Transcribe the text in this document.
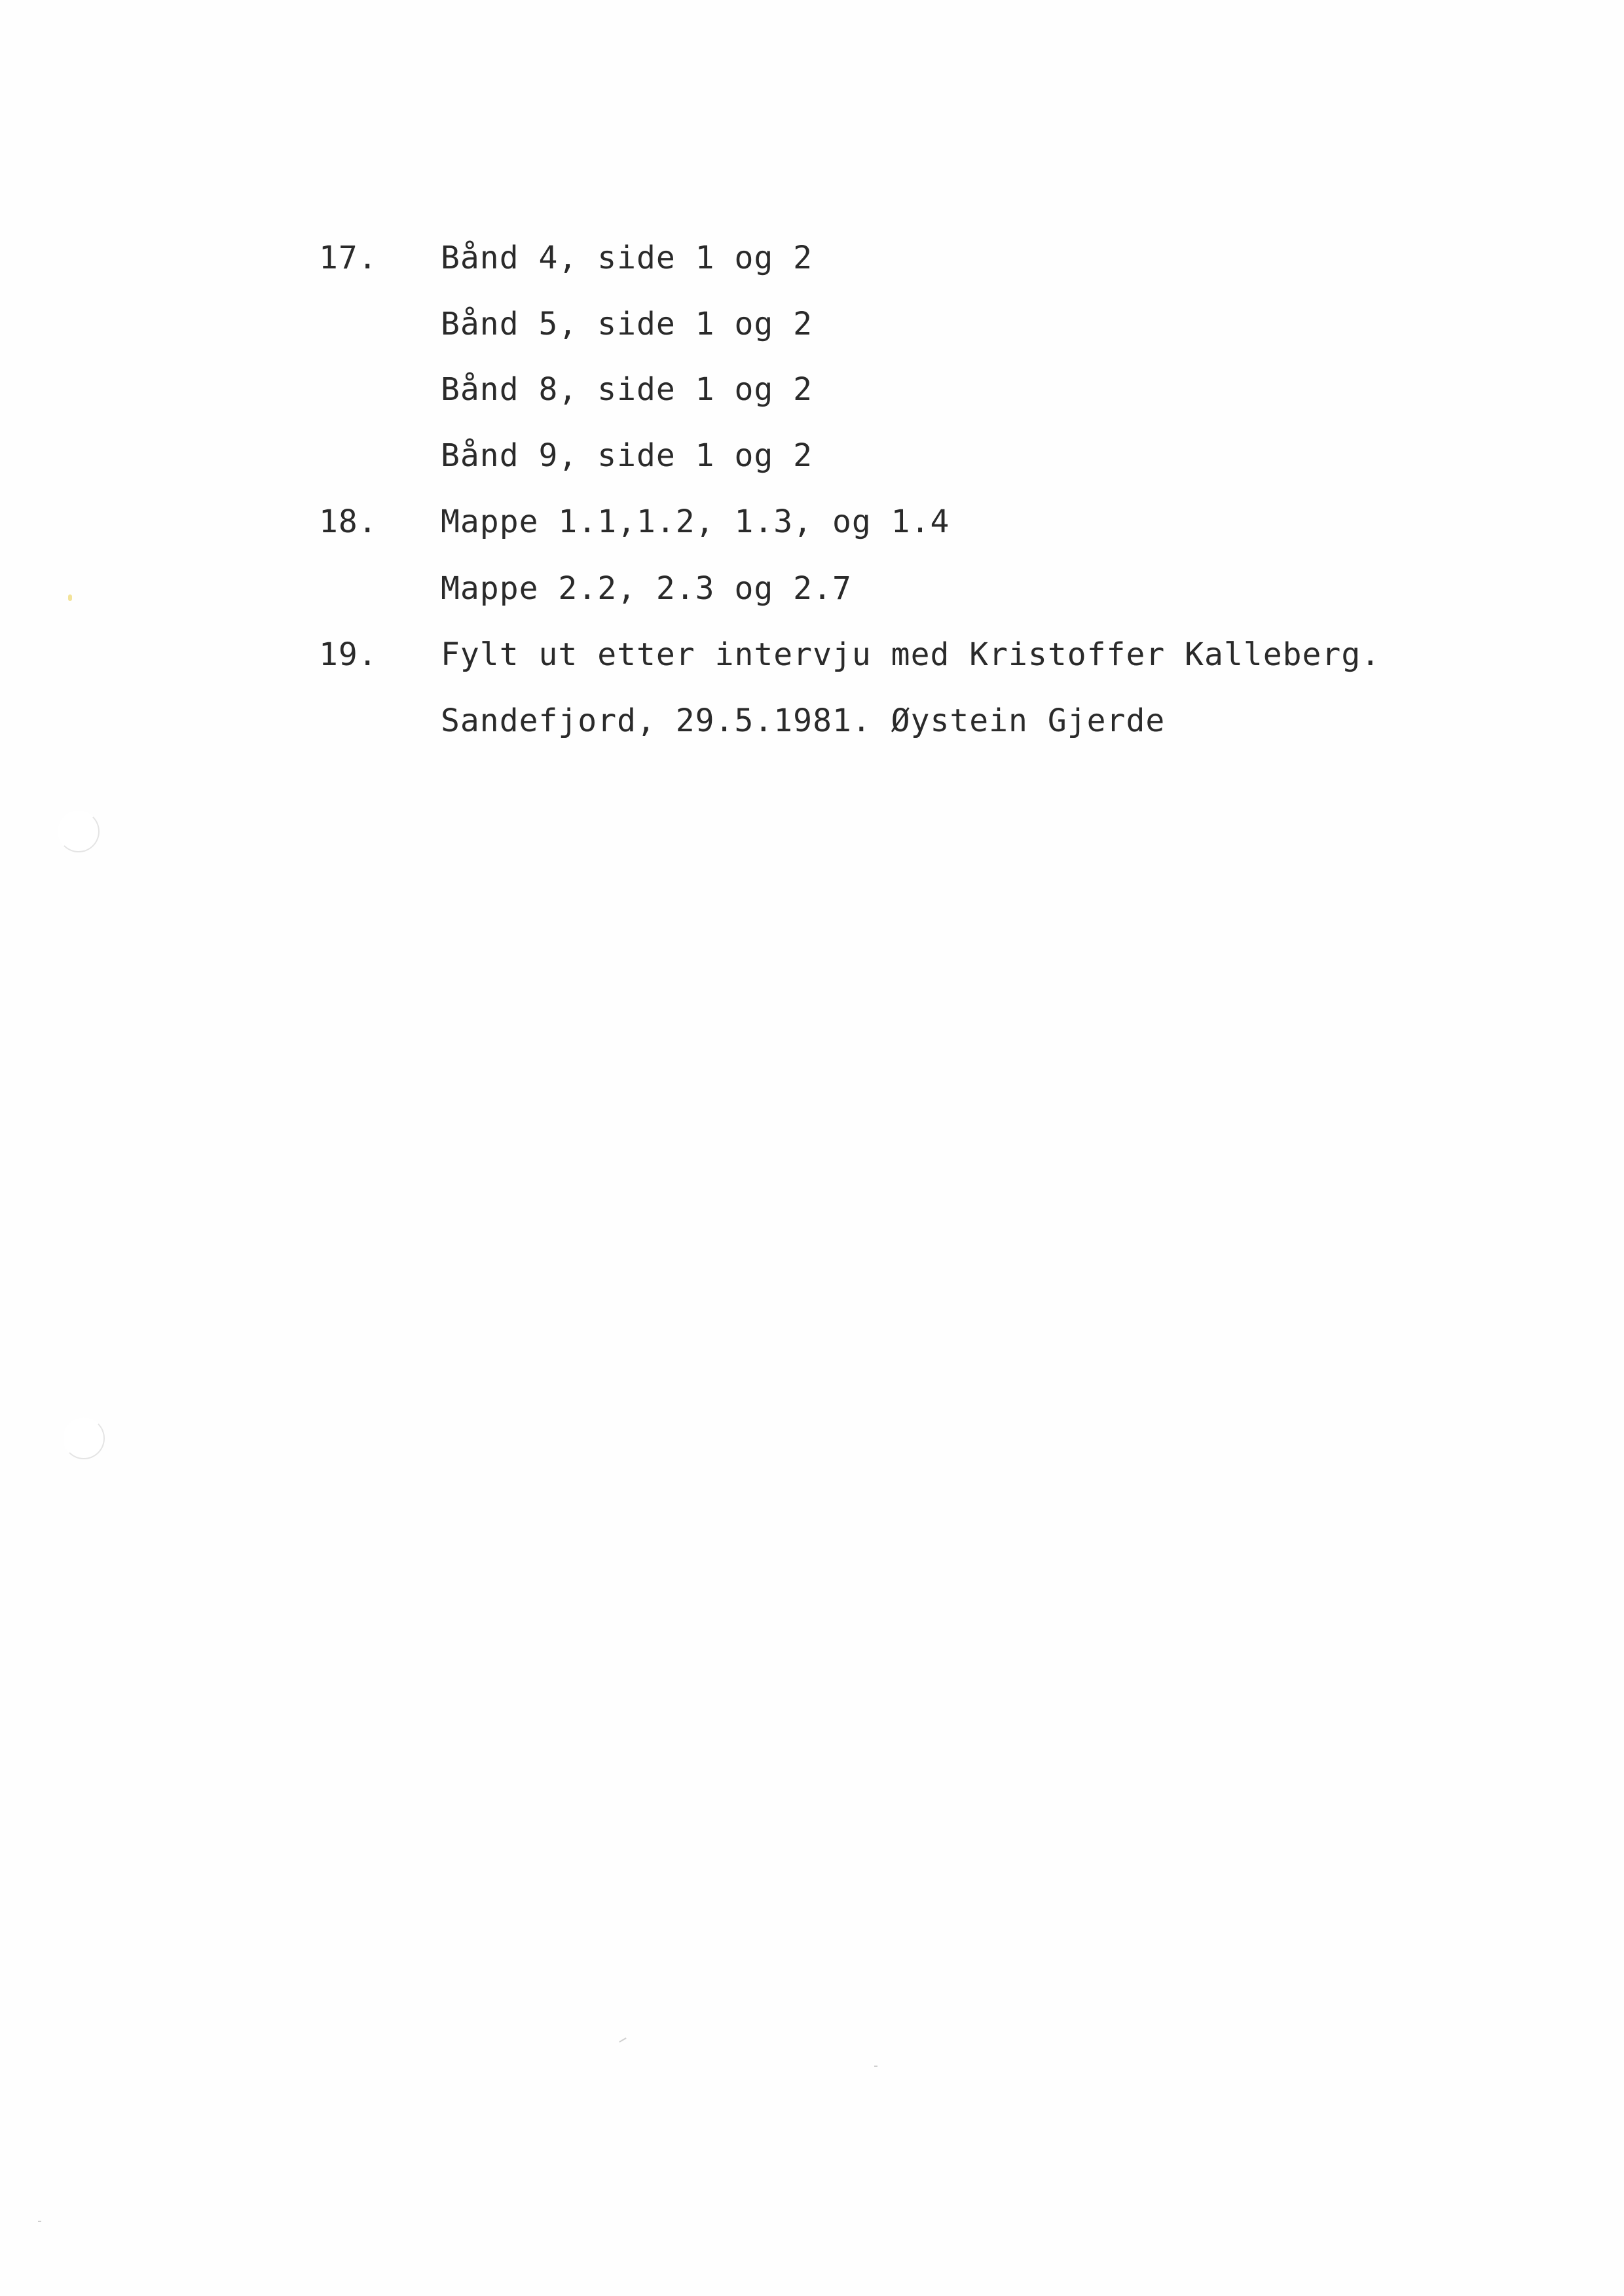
17. Bånd 4, side 1 og 2
Bånd 5, side 1 og 2
Bånd 8, side 1 og 2
Bånd 9, side 1 og 2
18. Mappe 1.1,1.2, 1.3, og 1.4
Mappe 2.2, 2.3 og 2.7
19. Fylt ut etter intervju med Kristoffer Kalleberg.
Sandefjord, 29.5.1981. Øystein Gjerde
